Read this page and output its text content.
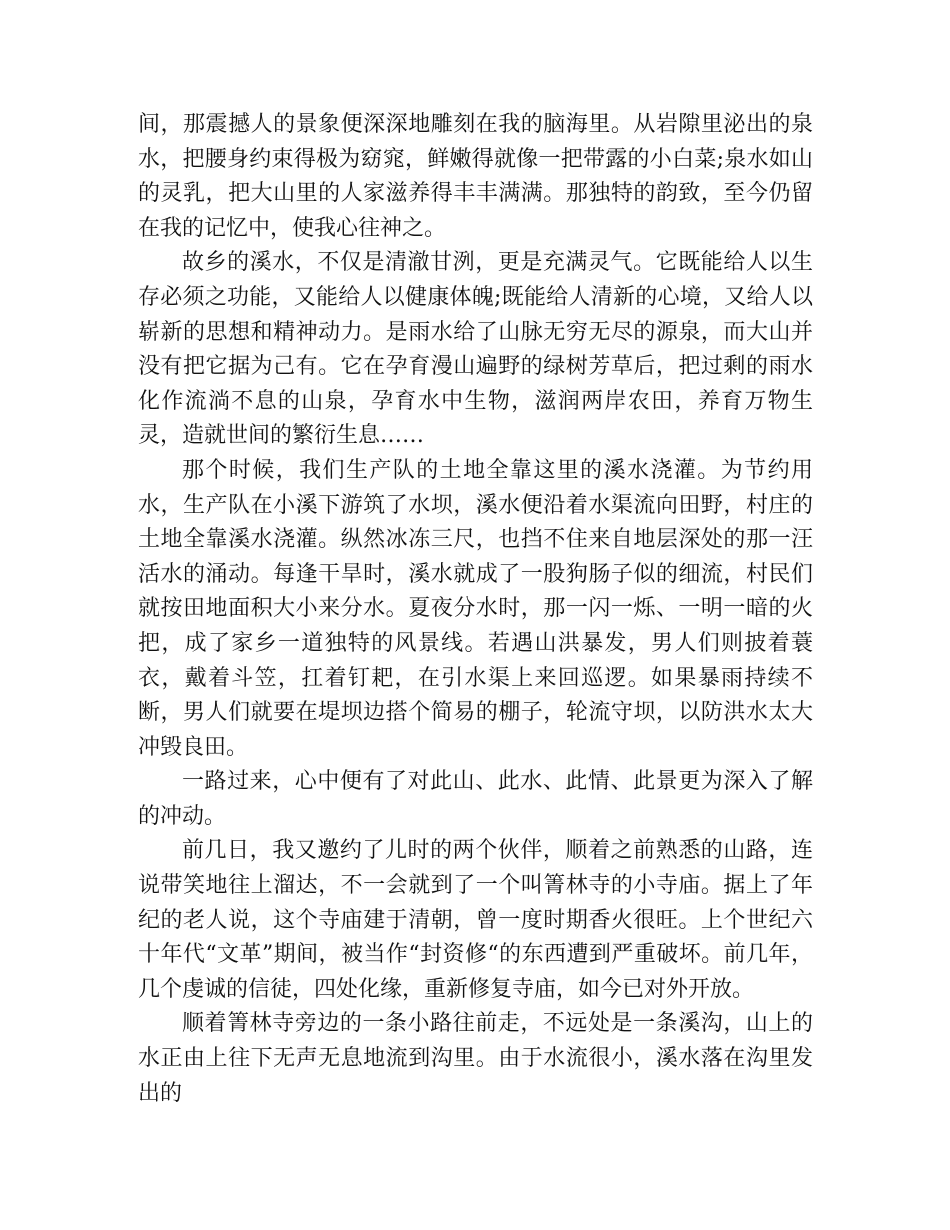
间，那震撼人的景象便深深地雕刻在我的脑海里。从岩隙里泌出的泉水，把腰身约束得极为窈窕，鲜嫩得就像一把带露的小白菜;泉水如山的灵乳，把大山里的人家滋养得丰丰满满。那独特的韵致，至今仍留在我的记忆中，使我心往神之。

故乡的溪水，不仅是清澈甘洌，更是充满灵气。它既能给人以生存必须之功能，又能给人以健康体魄;既能给人清新的心境，又给人以崭新的思想和精神动力。是雨水给了山脉无穷无尽的源泉，而大山并没有把它据为己有。它在孕育漫山遍野的绿树芳草后，把过剩的雨水化作流淌不息的山泉，孕育水中生物，滋润两岸农田，养育万物生灵，造就世间的繁衍生息……

那个时候，我们生产队的土地全靠这里的溪水浇灌。为节约用水，生产队在小溪下游筑了水坝，溪水便沿着水渠流向田野，村庄的土地全靠溪水浇灌。纵然冰冻三尺，也挡不住来自地层深处的那一汪活水的涌动。每逢干旱时，溪水就成了一股狗肠子似的细流，村民们就按田地面积大小来分水。夏夜分水时，那一闪一烁、一明一暗的火把，成了家乡一道独特的风景线。若遇山洪暴发，男人们则披着蓑衣，戴着斗笠，扛着钉耙，在引水渠上来回巡逻。如果暴雨持续不断，男人们就要在堤坝边搭个简易的棚子，轮流守坝，以防洪水太大冲毁良田。

一路过来，心中便有了对此山、此水、此情、此景更为深入了解的冲动。

前几日，我又邀约了儿时的两个伙伴，顺着之前熟悉的山路，连说带笑地往上溜达，不一会就到了一个叫箐林寺的小寺庙。据上了年纪的老人说，这个寺庙建于清朝，曾一度时期香火很旺。上个世纪六十年代“文革”期间，被当作“封资修“的东西遭到严重破坏。前几年，几个虔诚的信徒，四处化缘，重新修复寺庙，如今已对外开放。

顺着箐林寺旁边的一条小路往前走，不远处是一条溪沟，山上的水正由上往下无声无息地流到沟里。由于水流很小，溪水落在沟里发出的
